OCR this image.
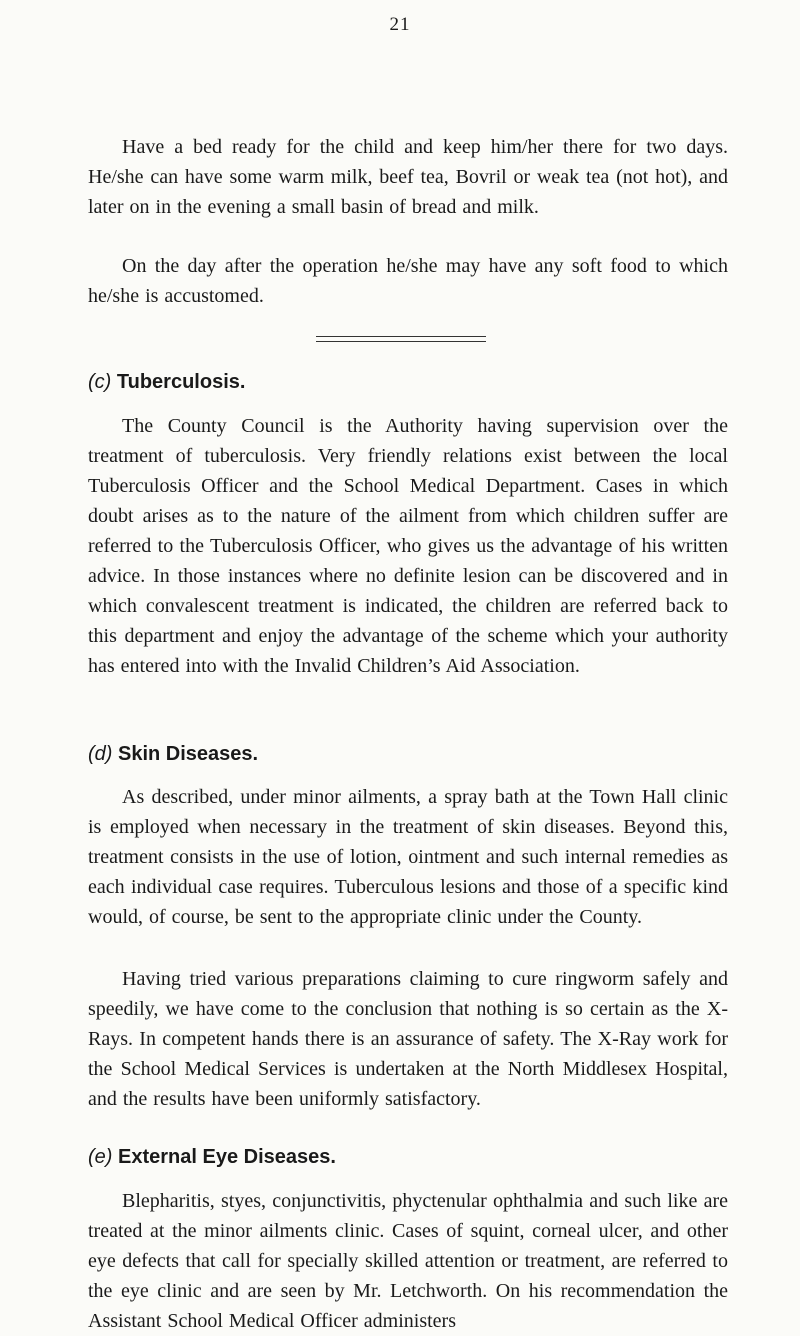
21

Have a bed ready for the child and keep him/her there for two days. He/she can have some warm milk, beef tea, Bovril or weak tea (not hot), and later on in the evening a small basin of bread and milk.

On the day after the operation he/she may have any soft food to which he/she is accustomed.

(c) Tuberculosis.

The County Council is the Authority having supervision over the treatment of tuberculosis. Very friendly relations exist between the local Tuberculosis Officer and the School Medical Department. Cases in which doubt arises as to the nature of the ailment from which children suffer are referred to the Tuberculosis Officer, who gives us the advantage of his written advice. In those instances where no definite lesion can be discovered and in which convalescent treatment is indicated, the children are referred back to this department and enjoy the advantage of the scheme which your authority has entered into with the Invalid Children’s Aid Association.

(d) Skin Diseases.

As described, under minor ailments, a spray bath at the Town Hall clinic is employed when necessary in the treatment of skin diseases. Beyond this, treatment consists in the use of lotion, ointment and such internal remedies as each individual case requires. Tuberculous lesions and those of a specific kind would, of course, be sent to the appropriate clinic under the County.

Having tried various preparations claiming to cure ringworm safely and speedily, we have come to the conclusion that nothing is so certain as the X-Rays. In competent hands there is an assurance of safety. The X-Ray work for the School Medical Services is undertaken at the North Middlesex Hospital, and the results have been uniformly satisfactory.

(e) External Eye Diseases.

Blepharitis, styes, conjunctivitis, phyctenular ophthalmia and such like are treated at the minor ailments clinic. Cases of squint, corneal ulcer, and other eye defects that call for specially skilled attention or treatment, are referred to the eye clinic and are seen by Mr. Letchworth. On his recommendation the Assistant School Medical Officer administers
